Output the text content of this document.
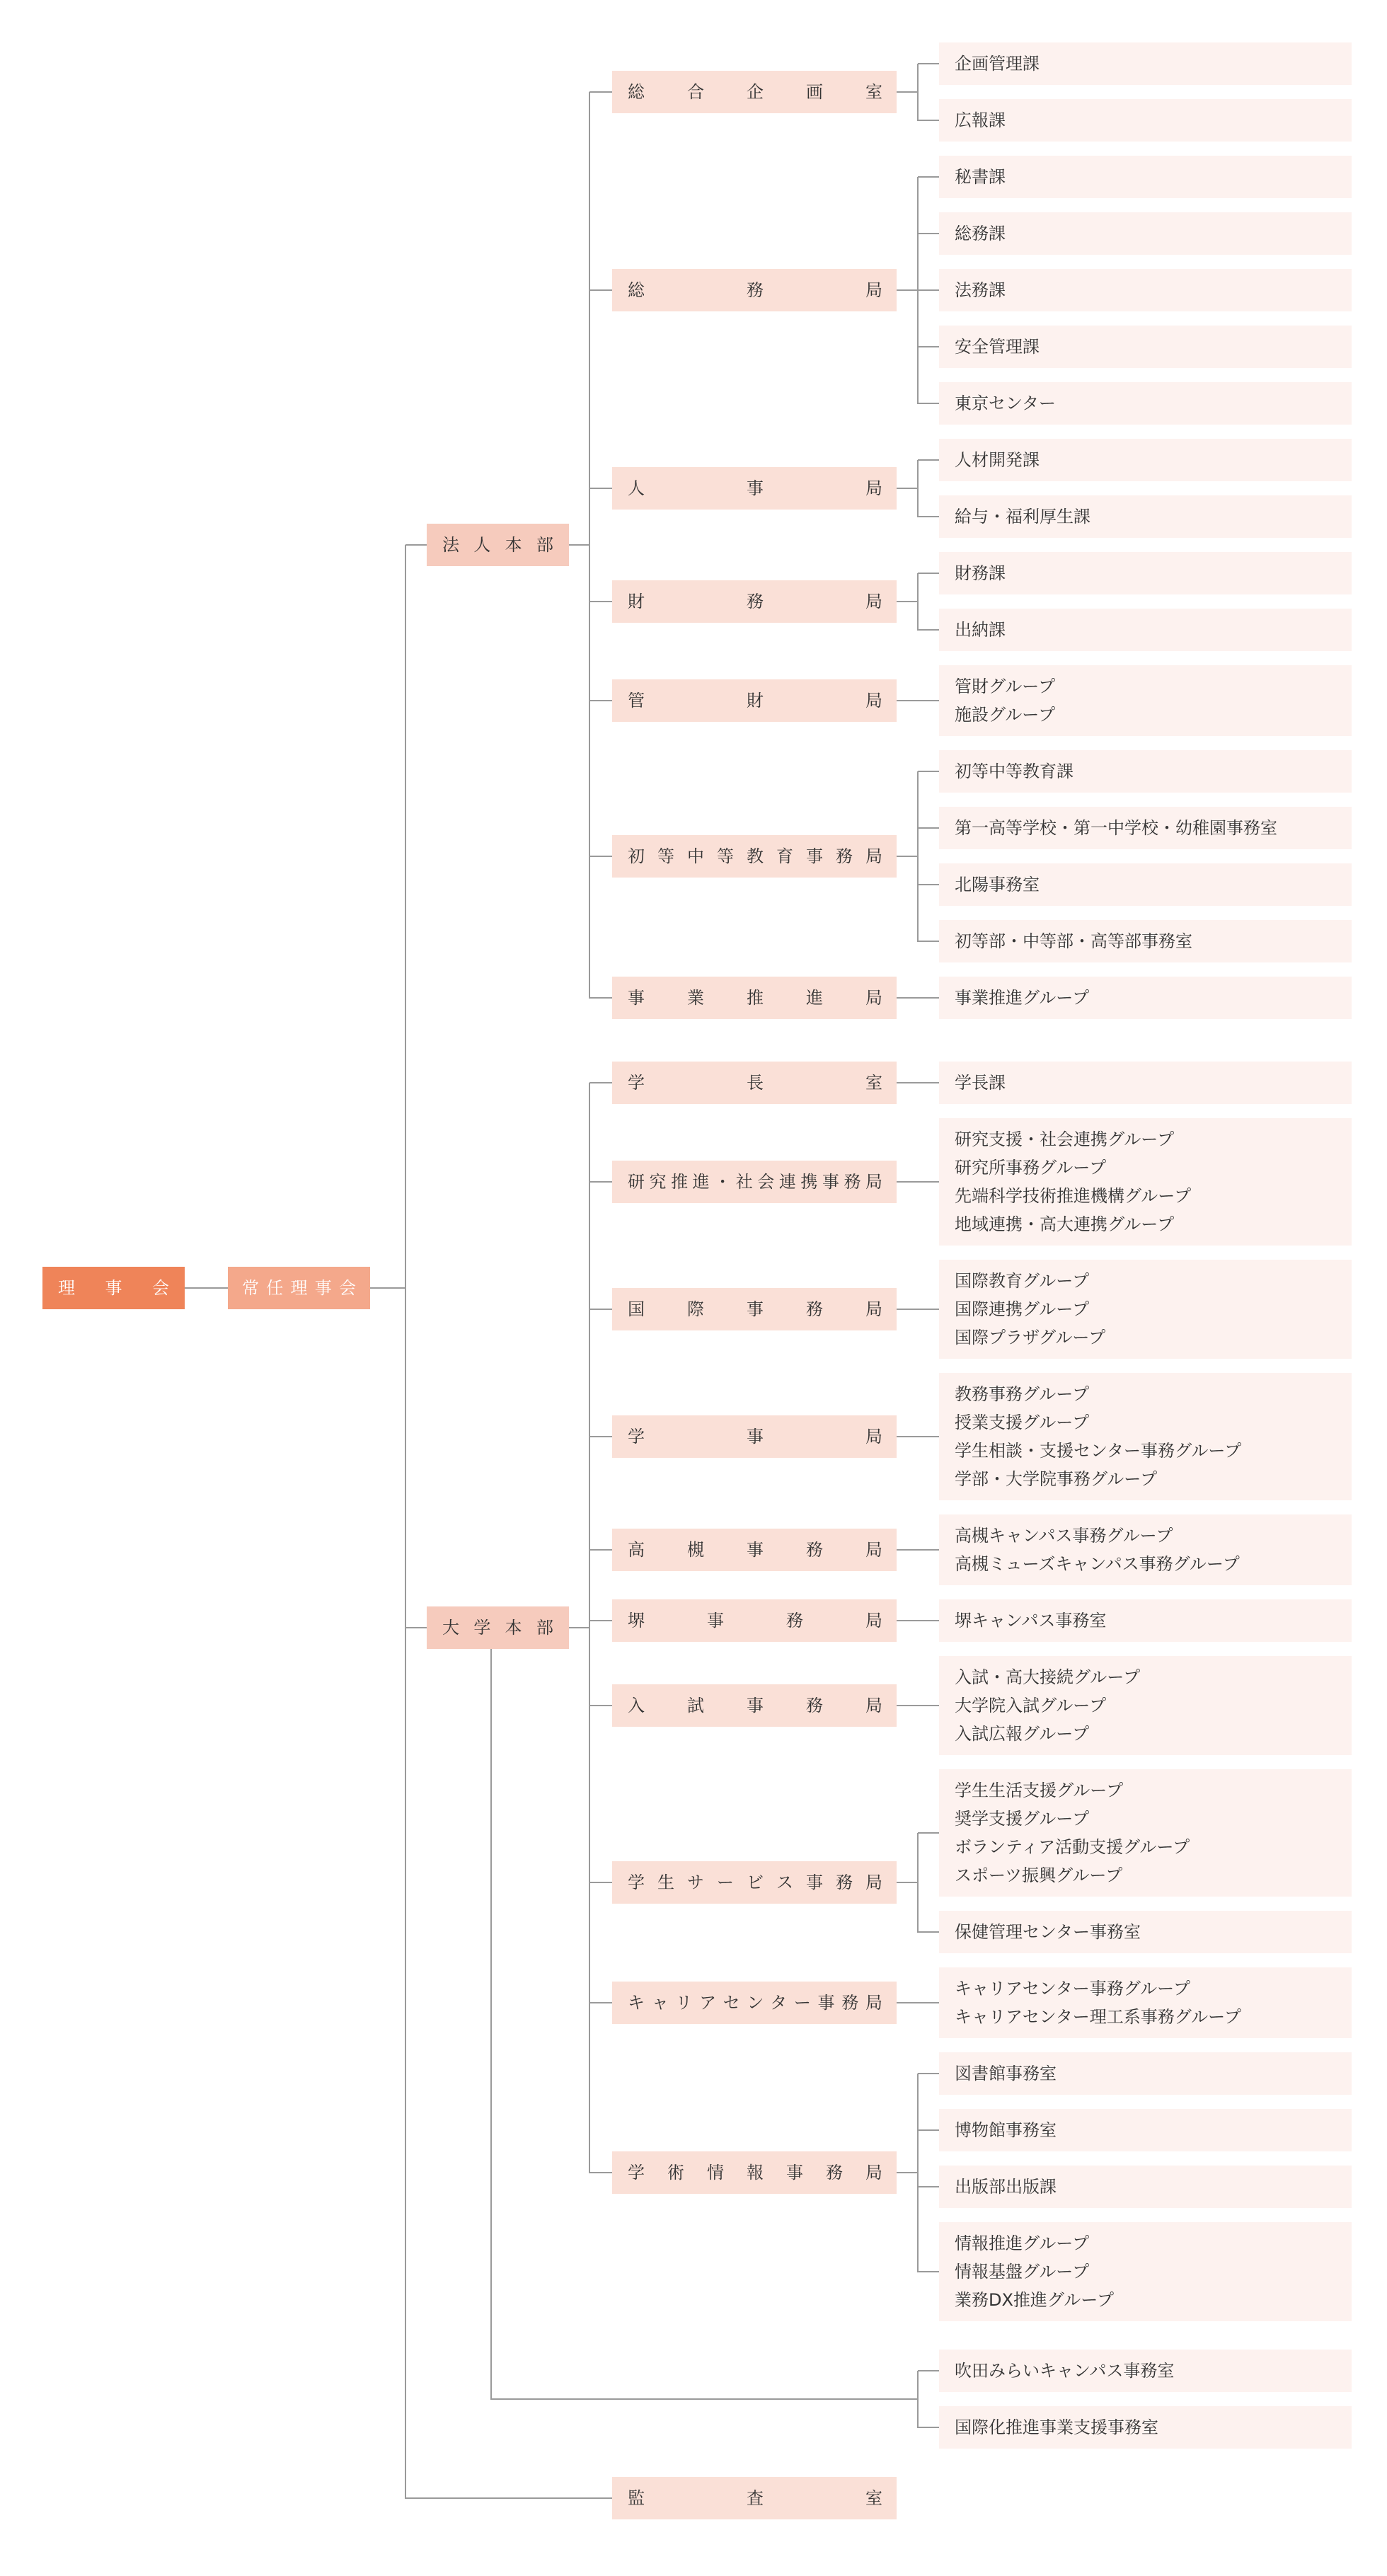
理事会	常任理事会
企画管理課
広報課
総合企画室
秘書課
総務課
法務課
安全管理課
東京センター
総務局
人材開発課
給与・福利厚生課
人事局
財務課
出納課
財務局
管財グループ
施設グループ
管財局
初等中等教育課
第一高等学校・第一中学校・幼稚園事務室
北陽事務室
初等部・中等部・高等部事務室
初等中等教育事務局
事業推進グループ
事業推進局
法人本部
学長課
学長室
研究支援・社会連携グループ
研究所事務グループ
先端科学技術推進機構グループ
地域連携・高大連携グループ
研究推進・社会連携事務局
国際教育グループ
国際連携グループ
国際プラザグループ
国際事務局
教務事務グループ
授業支援グループ
学生相談・支援センター事務グループ
学部・大学院事務グループ
学事局
高槻キャンパス事務グループ
高槻ミューズキャンパス事務グループ
高槻事務局
堺キャンパス事務室
堺事務局
入試・高大接続グループ
大学院入試グループ
入試広報グループ
入試事務局
学生生活支援グループ
奨学支援グループ
ボランティア活動支援グループ
スポーツ振興グループ
保健管理センター事務室
学生サービス事務局
キャリアセンター事務グループ
キャリアセンター理工系事務グループ
キャリアセンター事務局
図書館事務室
博物館事務室
出版部出版課
情報推進グループ
情報基盤グループ
業務DX推進グループ
学術情報事務局
大学本部
吹田みらいキャンパス事務室
国際化推進事業支援事務室
監査室
